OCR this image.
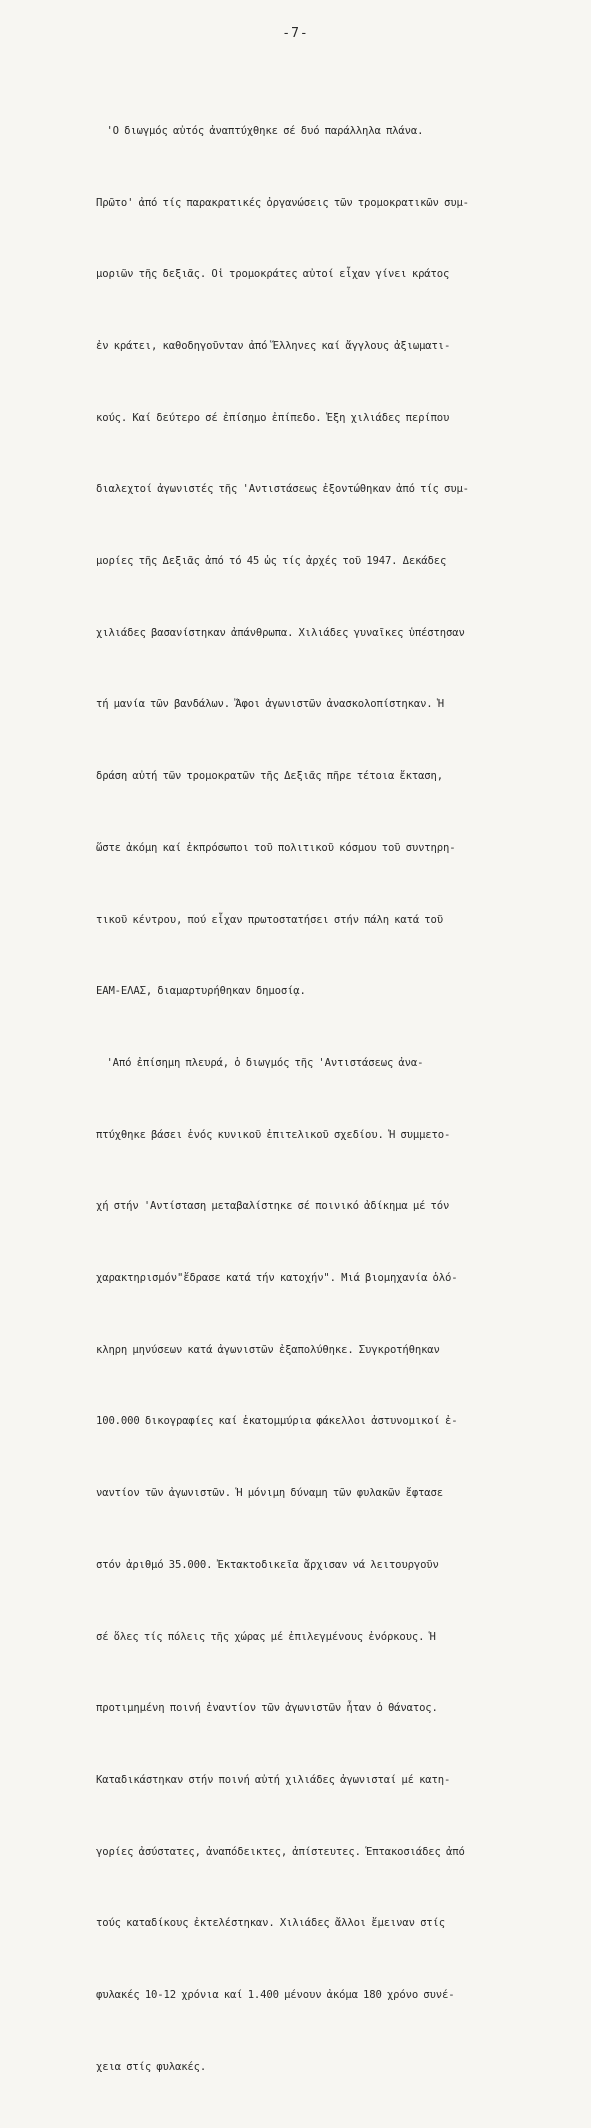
-7-

'Ο διωγμός αὐτός ἀναπτύχθηκε σέ δυό παράλληλα πλάνα.

Πρῶτο' ἀπό τίς παρακρατικές ὀργανώσεις τῶν τρομοκρατικῶν συμ-

μοριῶν τῆς δεξιᾶς. Οἱ τρομοκράτες αὐτοί εἶχαν γίνει κράτος

ἐν κράτει, καθοδηγοῦνταν ἀπό Ἕλληνες καί ἄγγλους ἀξιωματι-

κούς. Καί δεύτερο σέ ἐπίσημο ἐπίπεδο. Ἑξη χιλιάδες περίπου

διαλεχτοί ἀγωνιστές τῆς 'Αντιστάσεως ἐξοντώθηκαν ἀπό τίς συμ-

μορίες τῆς Δεξιᾶς ἀπό τό 45 ὡς τίς ἀρχές τοῦ 1947. Δεκάδες

χιλιάδες βασανίστηκαν ἀπάνθρωπα. Χιλιάδες γυναῖκες ὑπέστησαν

τή μανία τῶν βανδάλων. Ἄφοι ἀγωνιστῶν ἀνασκολοπίστηκαν. Ἡ

δράση αὐτή τῶν τρομοκρατῶν τῆς Δεξιᾶς πῆρε τέτοια ἔκταση,

ὥστε ἀκόμη καί ἐκπρόσωποι τοῦ πολιτικοῦ κόσμου τοῦ συντηρη-

τικοῦ κέντρου, πού εἶχαν πρωτοστατήσει στήν πάλη κατά τοῦ

ΕΑΜ-ΕΛΑΣ, διαμαρτυρήθηκαν δημοσίᾳ.

'Από ἐπίσημη πλευρά, ὁ διωγμός τῆς 'Αντιστάσεως ἀνα-

πτύχθηκε βάσει ἑνός κυνικοῦ ἐπιτελικοῦ σχεδίου. Ἡ συμμετο-

χή στήν 'Αντίσταση μεταβαλίστηκε σέ ποινικό ἀδίκημα μέ τόν

χαρακτηρισμόν"ἔδρασε κατά τήν κατοχήν". Μιά βιομηχανία ὁλό-

κληρη μηνύσεων κατά ἀγωνιστῶν ἐξαπολύθηκε. Συγκροτήθηκαν

100.000 δικογραφίες καί ἑκατομμύρια φάκελλοι ἀστυνομικοί ἐ-

ναντίον τῶν ἀγωνιστῶν. Ἡ μόνιμη δύναμη τῶν φυλακῶν ἔφτασε

στόν ἀριθμό 35.000. Ἐκτακτοδικεῖα ἄρχισαν νά λειτουργοῦν

σέ ὅλες τίς πόλεις τῆς χώρας μέ ἐπιλεγμένους ἐνόρκους. Ἡ

προτιμημένη ποινή ἐναντίον τῶν ἀγωνιστῶν ἦταν ὁ θάνατος.

Καταδικάστηκαν στήν ποινή αὐτή χιλιάδες ἀγωνισταί μέ κατη-

γορίες ἀσύστατες, ἀναπόδεικτες, ἀπίστευτες. Ἑπτακοσιάδες ἀπό

τούς καταδίκους ἐκτελέστηκαν. Χιλιάδες ἄλλοι ἔμειναν στίς

φυλακές 10-12 χρόνια καί 1.400 μένουν ἀκόμα 180 χρόνο συνέ-

χεια στίς φυλακές.
